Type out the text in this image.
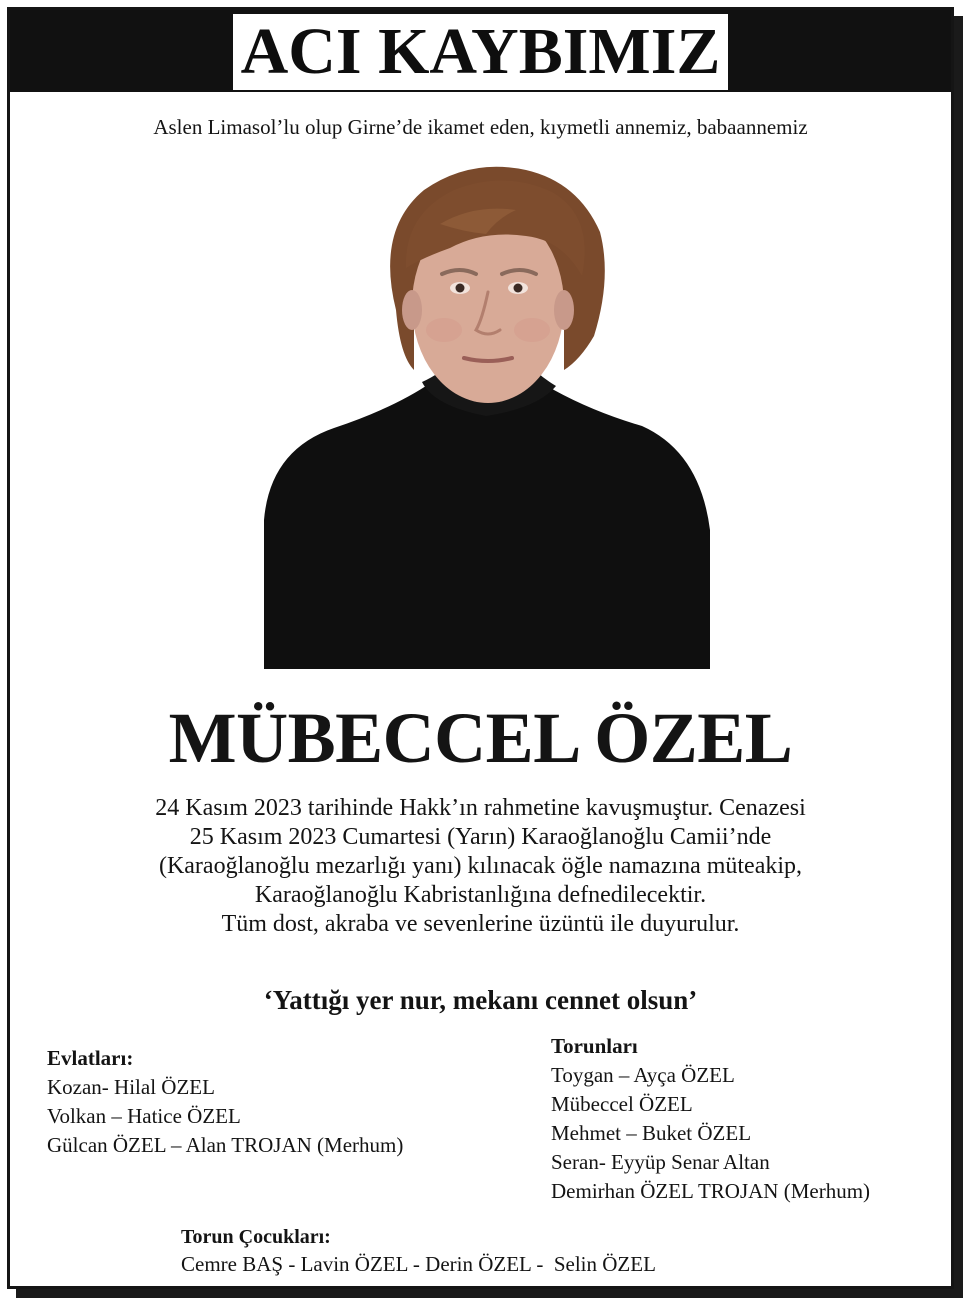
ACI KAYBIMIZ
Aslen Limasol’lu olup Girne’de ikamet eden, kıymetli annemiz, babaannemiz
MÜBECCEL ÖZEL
24 Kasım 2023 tarihinde Hakk’ın rahmetine kavuşmuştur. Cenazesi
25 Kasım 2023 Cumartesi (Yarın) Karaoğlanoğlu Camii’nde
(Karaoğlanoğlu mezarlığı yanı) kılınacak öğle namazına müteakip,
Karaoğlanoğlu Kabristanlığına defnedilecektir.
Tüm dost, akraba ve sevenlerine üzüntü ile duyurulur.
‘Yattığı yer nur, mekanı cennet olsun’
Evlatları:
Kozan- Hilal ÖZEL
Volkan – Hatice ÖZEL
Gülcan ÖZEL – Alan TROJAN (Merhum)
Torunları
Toygan – Ayça ÖZEL
Mübeccel ÖZEL
Mehmet – Buket ÖZEL
Seran- Eyyüp Senar Altan
Demirhan ÖZEL TROJAN (Merhum)
Torun Çocukları:
Cemre BAŞ - Lavin ÖZEL - Derin ÖZEL -  Selin ÖZEL
